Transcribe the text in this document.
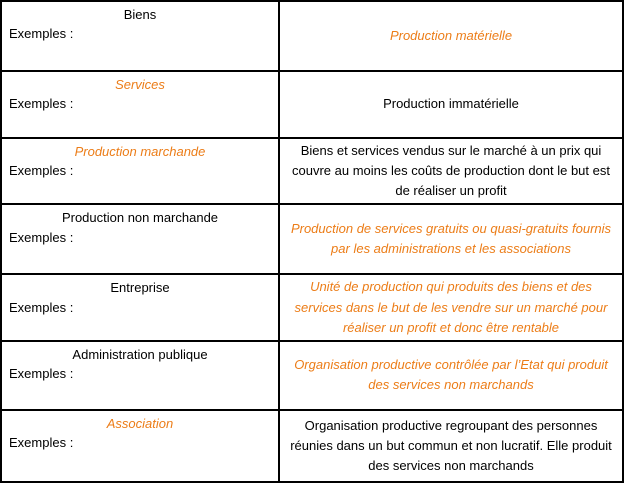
Biens
Exemples :	Production matérielle

Services
Exemples :	Production immatérielle

Production marchande
Exemples :	Biens et services vendus sur le marché à un prix qui couvre au moins les coûts de production dont le but est de réaliser un profit

Production non marchande
Exemples :	Production de services gratuits ou quasi-gratuits fournis par les administrations et les associations

Entreprise
Exemples :	Unité de production qui produits des biens et des services dans le but de les vendre sur un marché pour réaliser un profit et donc être rentable

Administration publique
Exemples :	Organisation productive contrôlée par l’Etat qui produit des services non marchands

Association
Exemples :	Organisation productive regroupant des personnes réunies dans un but commun et non lucratif. Elle produit des services non marchands
